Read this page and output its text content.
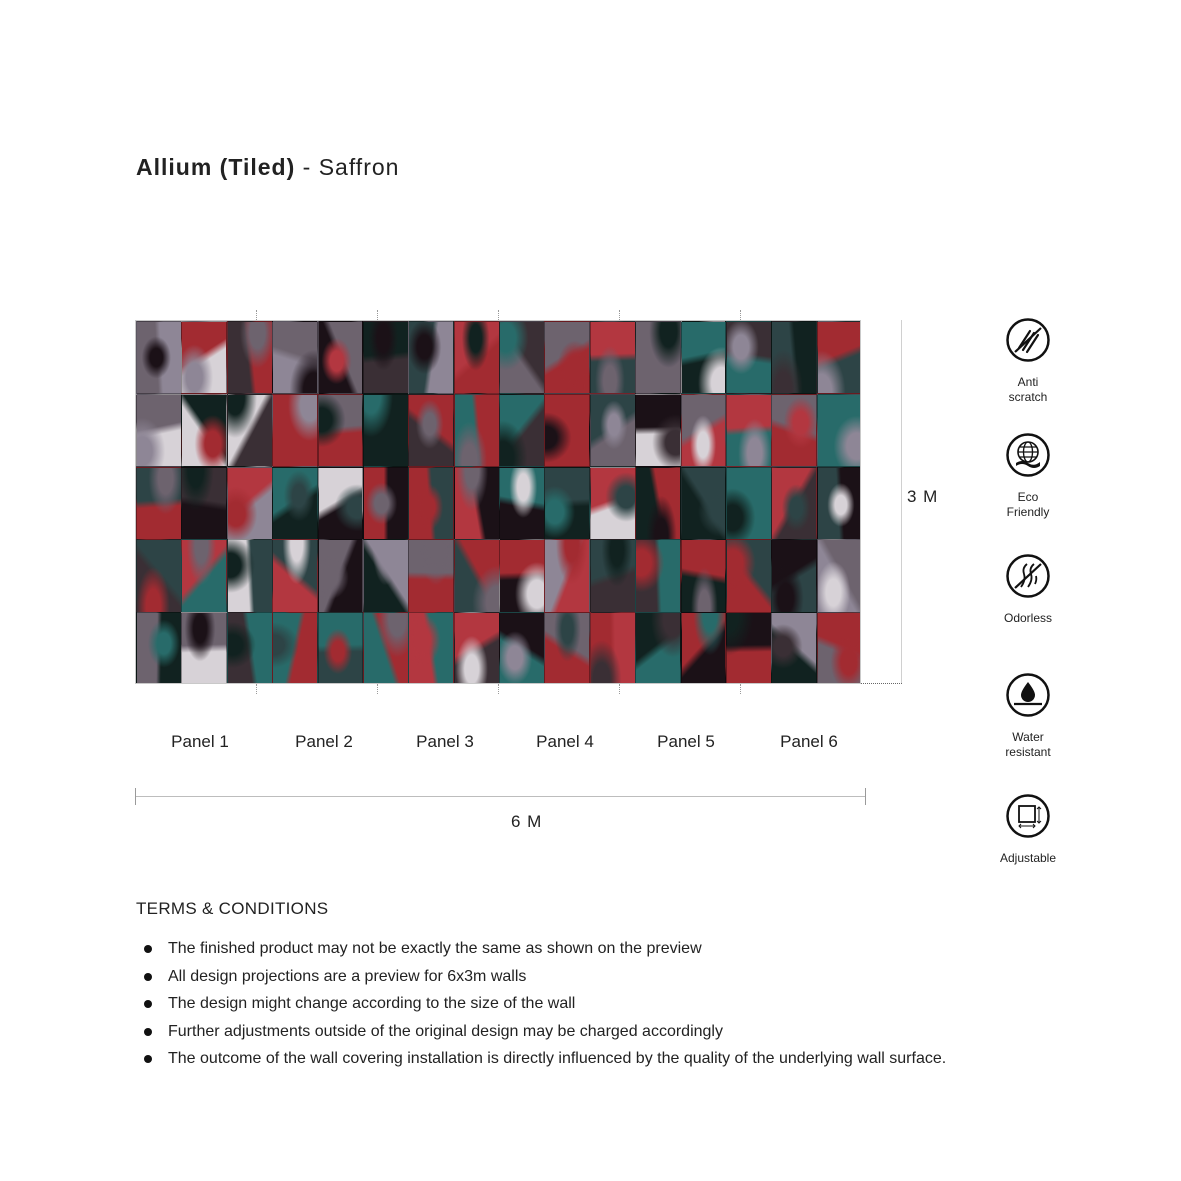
Allium (Tiled) - Saffron
3 M
Panel 1	Panel 2	Panel 3	Panel 4	Panel 5	Panel 6
6 M
Anti
scratch
Eco
Friendly
Odorless
Water
resistant
Adjustable
TERMS & CONDITIONS
The finished product may not be exactly the same as shown on the preview
All design projections are a preview for 6x3m walls
The design might change according to the size of the wall
Further adjustments outside of the original design may be charged accordingly
The outcome of the wall covering installation is directly influenced by the quality of the underlying wall surface.
